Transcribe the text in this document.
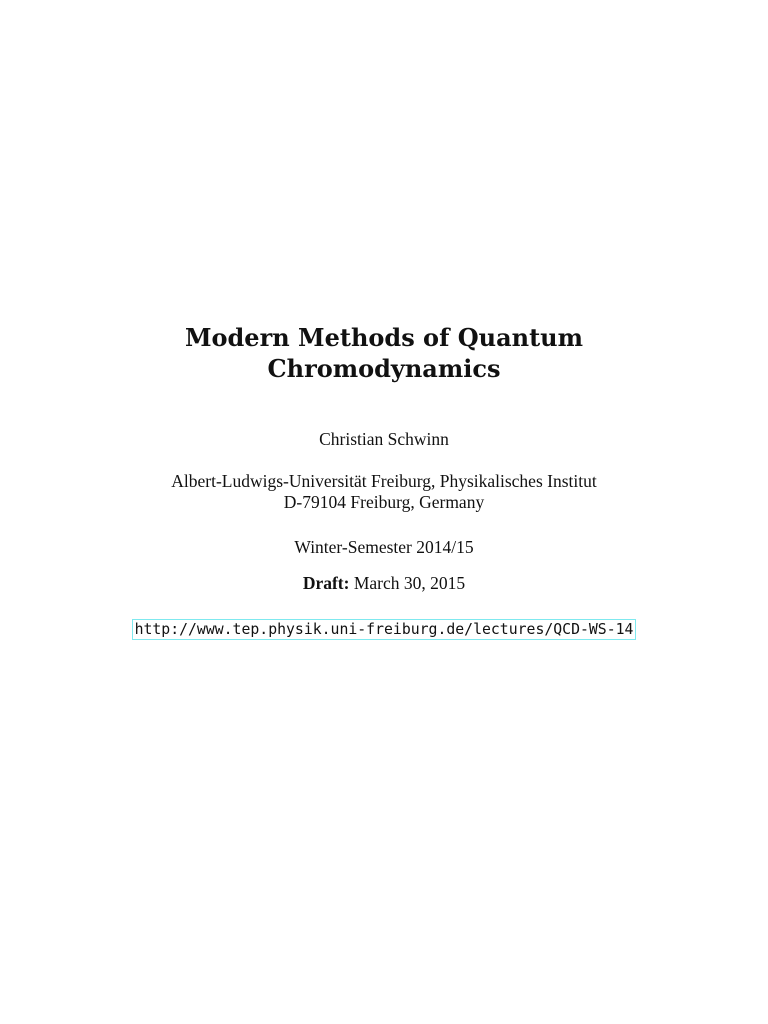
Modern Methods of Quantum
Chromodynamics
Christian Schwinn
Albert-Ludwigs-Universität Freiburg, Physikalisches Institut
D-79104 Freiburg, Germany
Winter-Semester 2014/15
Draft: March 30, 2015
http://www.tep.physik.uni-freiburg.de/lectures/QCD-WS-14
